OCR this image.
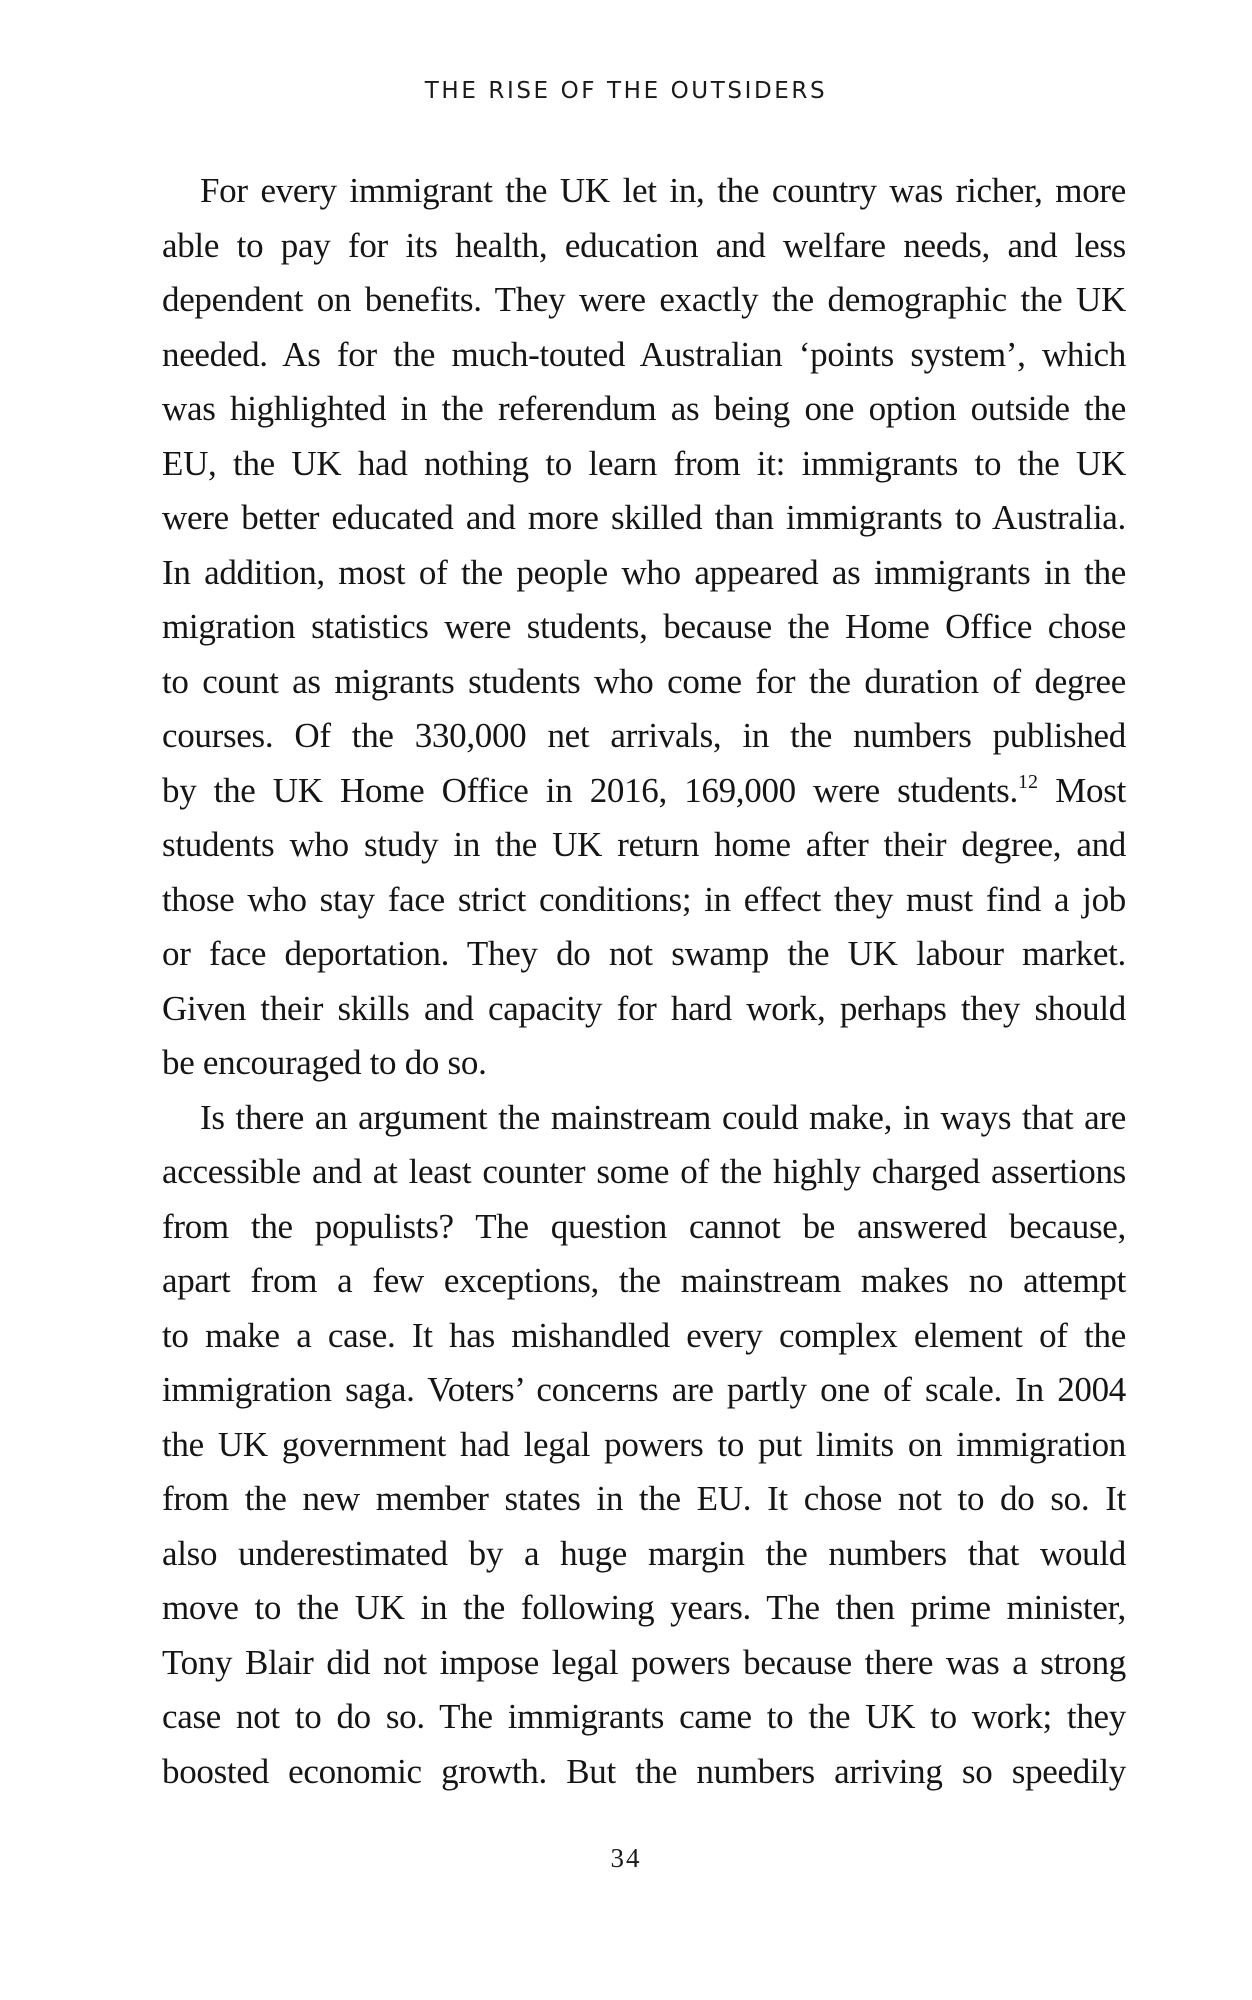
THE RISE OF THE OUTSIDERS
For every immigrant the UK let in, the country was richer, more
able to pay for its health, education and welfare needs, and less
dependent on benefits. They were exactly the demographic the UK
needed. As for the much-touted Australian ‘points system’, which
was highlighted in the referendum as being one option outside the
EU, the UK had nothing to learn from it: immigrants to the UK
were better educated and more skilled than immigrants to Australia.
In addition, most of the people who appeared as immigrants in the
migration statistics were students, because the Home Office chose
to count as migrants students who come for the duration of degree
courses. Of the 330,000 net arrivals, in the numbers published
by the UK Home Office in 2016, 169,000 were students.$^{12}$ Most
students who study in the UK return home after their degree, and
those who stay face strict conditions; in effect they must find a job
or face deportation. They do not swamp the UK labour market.
Given their skills and capacity for hard work, perhaps they should
be encouraged to do so.
Is there an argument the mainstream could make, in ways that are
accessible and at least counter some of the highly charged assertions
from the populists? The question cannot be answered because,
apart from a few exceptions, the mainstream makes no attempt
to make a case. It has mishandled every complex element of the
immigration saga. Voters’ concerns are partly one of scale. In 2004
the UK government had legal powers to put limits on immigration
from the new member states in the EU. It chose not to do so. It
also underestimated by a huge margin the numbers that would
move to the UK in the following years. The then prime minister,
Tony Blair did not impose legal powers because there was a strong
case not to do so. The immigrants came to the UK to work; they
boosted economic growth. But the numbers arriving so speedily
34
